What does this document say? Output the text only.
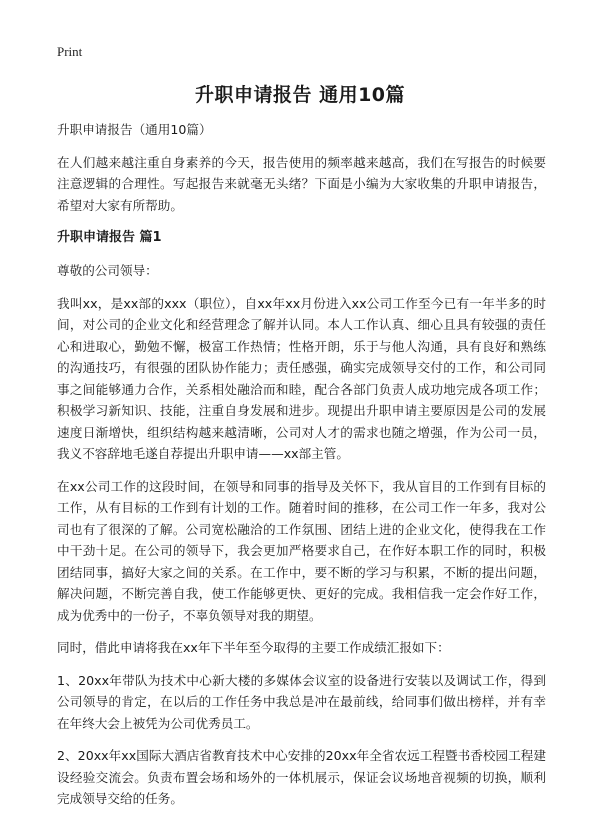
Print
升职申请报告 通用10篇

升职申请报告（通用10篇）

在人们越来越注重自身素养的今天，报告使用的频率越来越高，我们在写报告的时候要注意逻辑的合理性。写起报告来就毫无头绪？下面是小编为大家收集的升职申请报告，希望对大家有所帮助。

升职申请报告 篇1

尊敬的公司领导：

我叫xx，是xx部的xxx（职位），自xx年xx月份进入xx公司工作至今已有一年半多的时间，对公司的企业文化和经营理念了解并认同。本人工作认真、细心且具有较强的责任心和进取心，勤勉不懈，极富工作热情；性格开朗，乐于与他人沟通，具有良好和熟练的沟通技巧，有很强的团队协作能力；责任感强，确实完成领导交付的工作，和公司同事之间能够通力合作，关系相处融洽而和睦，配合各部门负责人成功地完成各项工作；积极学习新知识、技能，注重自身发展和进步。现提出升职申请主要原因是公司的发展速度日渐增快，组织结构越来越清晰，公司对人才的需求也随之增强，作为公司一员，我义不容辞地毛遂自荐提出升职申请——xx部主管。

在xx公司工作的这段时间，在领导和同事的指导及关怀下，我从盲目的工作到有目标的工作，从有目标的工作到有计划的工作。随着时间的推移，在公司工作一年多，我对公司也有了很深的了解。公司宽松融洽的工作氛围、团结上进的企业文化，使得我在工作中干劲十足。在公司的领导下，我会更加严格要求自己，在作好本职工作的同时，积极团结同事，搞好大家之间的关系。在工作中，要不断的学习与积累，不断的提出问题，解决问题，不断完善自我，使工作能够更快、更好的完成。我相信我一定会作好工作，成为优秀中的一份子，不辜负领导对我的期望。

同时，借此申请将我在xx年下半年至今取得的主要工作成绩汇报如下：

1、20xx年带队为技术中心新大楼的多媒体会议室的设备进行安装以及调试工作，得到公司领导的肯定，在以后的工作任务中我总是冲在最前线，给同事们做出榜样，并有幸在年终大会上被凭为公司优秀员工。

2、20xx年xx国际大酒店省教育技术中心安排的20xx年全省农远工程暨书香校园工程建设经验交流会。负责布置会场和场外的一体机展示，保证会议场地音视频的切换，顺利完成领导交给的任务。
